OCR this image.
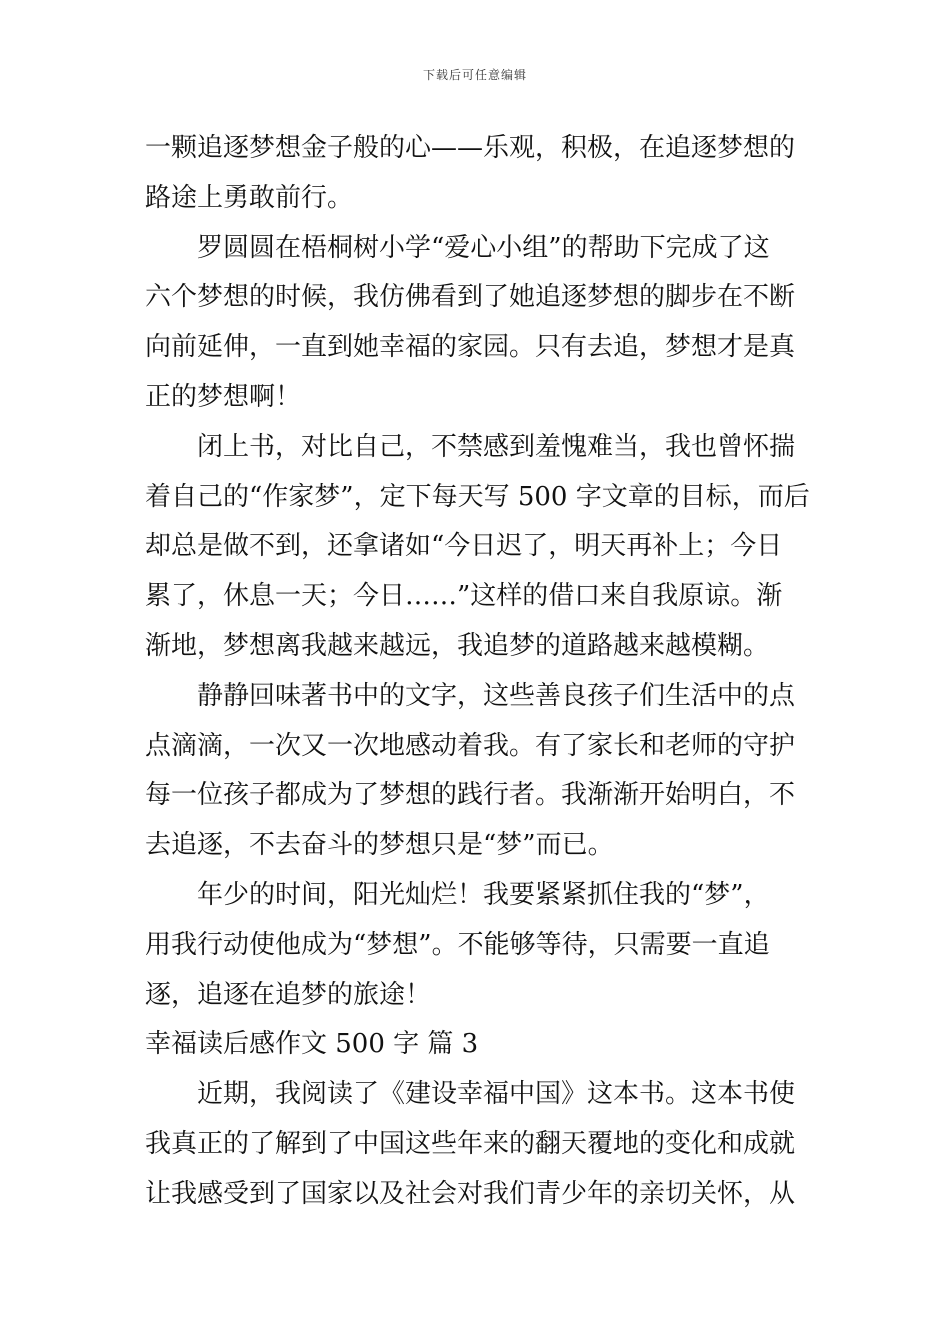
下载后可任意编辑
一颗追逐梦想金子般的心——乐观，积极，在追逐梦想的
路途上勇敢前行。
罗圆圆在梧桐树小学“爱心小组”的帮助下完成了这
六个梦想的时候，我仿佛看到了她追逐梦想的脚步在不断
向前延伸，一直到她幸福的家园。只有去追，梦想才是真
正的梦想啊！
闭上书，对比自己，不禁感到羞愧难当，我也曾怀揣
着自己的“作家梦”，定下每天写 500 字文章的目标，而后
却总是做不到，还拿诸如“今日迟了，明天再补上；今日
累了，休息一天；今日……”这样的借口来自我原谅。渐
渐地，梦想离我越来越远，我追梦的道路越来越模糊。
静静回味著书中的文字，这些善良孩子们生活中的点
点滴滴，一次又一次地感动着我。有了家长和老师的守护
每一位孩子都成为了梦想的践行者。我渐渐开始明白，不
去追逐，不去奋斗的梦想只是“梦”而已。
年少的时间，阳光灿烂！我要紧紧抓住我的“梦”，
用我行动使他成为“梦想”。不能够等待，只需要一直追
逐，追逐在追梦的旅途！
幸福读后感作文 500 字 篇 3
近期，我阅读了《建设幸福中国》这本书。这本书使
我真正的了解到了中国这些年来的翻天覆地的变化和成就
让我感受到了国家以及社会对我们青少年的亲切关怀，从
